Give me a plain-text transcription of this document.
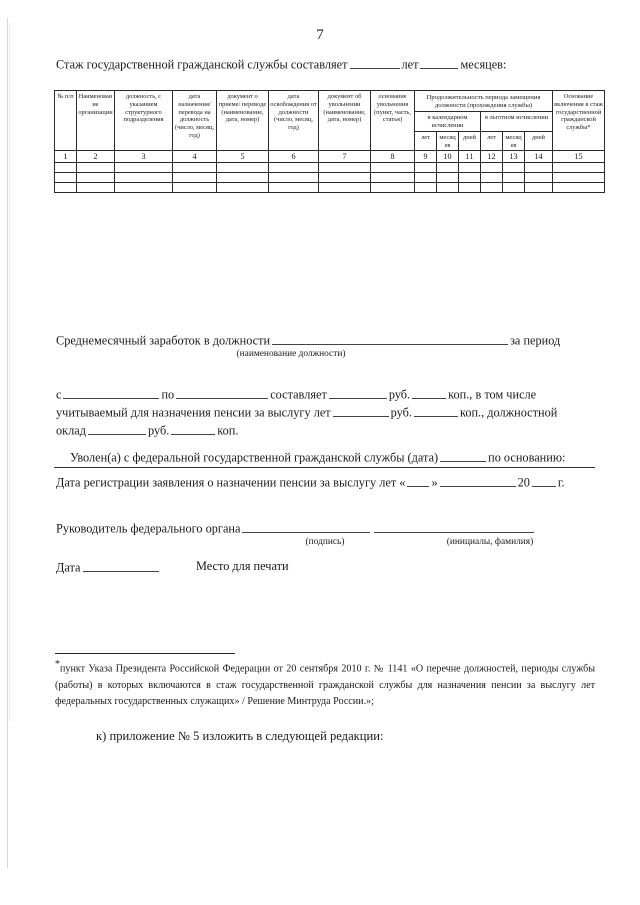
7
Стаж государственной гражданской службы составляет	лет	месяцев:
№ п/п	Наименование организации	должность, с указанием структурного подразделения	дата назначения/ перевода на должность (число, месяц, год)	документ о приеме/ переводе (наименование, дата, номер)	дата освобождения от должности (число, месяц, год)	документ об увольнении (наименование, дата, номер)	основание увольнения (пункт, часть, статья)	Продолжительность периода замещения должности (прохождения службы)						Основание включения в стаж государственной гражданской службы*
								в календарном исчислении			в льготном исчислении			
								лет	месяцев	дней	лет	месяцев	дней	
1	2	3	4	5	6	7	8	9	10	11	12	13	14	15

Среднемесячный заработок в должности	за период
(наименование должности)
с	по	составляет	руб.	коп., в том числе
учитываемый для назначения пенсии за выслугу лет	руб.	коп., должностной
оклад	руб.	коп.
Уволен(а) с федеральной государственной гражданской службы (дата)	по основанию:
Дата регистрации заявления о назначении пенсии за выслугу лет « »	20 г.
Руководитель федерального органа
(подпись)	(инициалы, фамилия)
Дата	Место для печати
*пункт Указа Президента Российской Федерации от 20 сентября 2010 г. № 1141 «О перечне должностей, периоды службы (работы) в которых включаются в стаж государственной гражданской службы для назначения пенсии за выслугу лет федеральных государственных служащих» / Решение Минтруда России.»;
к) приложение № 5 изложить в следующей редакции:
